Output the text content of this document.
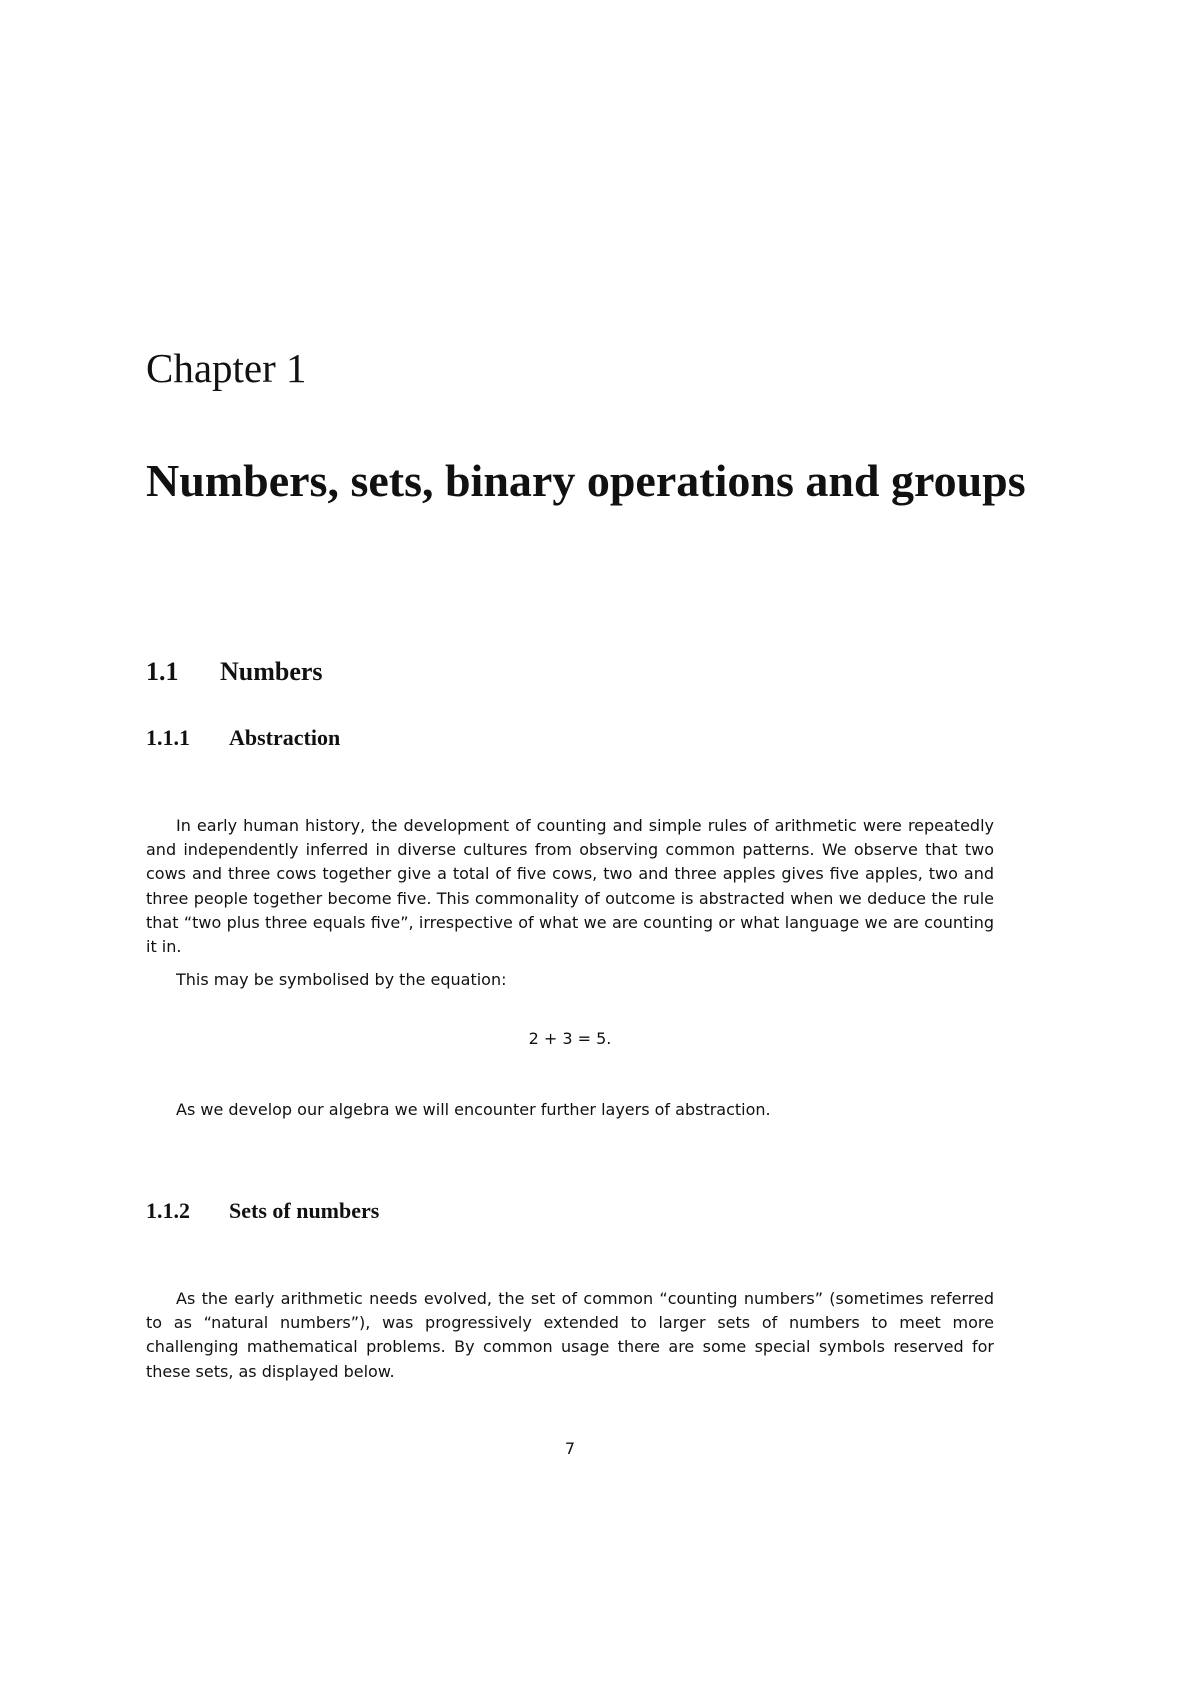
Chapter 1
Numbers, sets, binary operations and groups
1.1 Numbers
1.1.1 Abstraction
In early human history, the development of counting and simple rules of arithmetic were repeatedly and independently inferred in diverse cultures from observing common patterns. We observe that two cows and three cows together give a total of five cows, two and three apples gives five apples, two and three people together become five. This commonality of outcome is abstracted when we deduce the rule that “two plus three equals five”, irrespective of what we are counting or what language we are counting it in.
This may be symbolised by the equation:
2 + 3 = 5.
As we develop our algebra we will encounter further layers of abstraction.
1.1.2 Sets of numbers
As the early arithmetic needs evolved, the set of common “counting numbers” (sometimes referred to as “natural numbers”), was progressively extended to larger sets of numbers to meet more challenging mathematical problems. By common usage there are some special symbols reserved for these sets, as displayed below.
7
